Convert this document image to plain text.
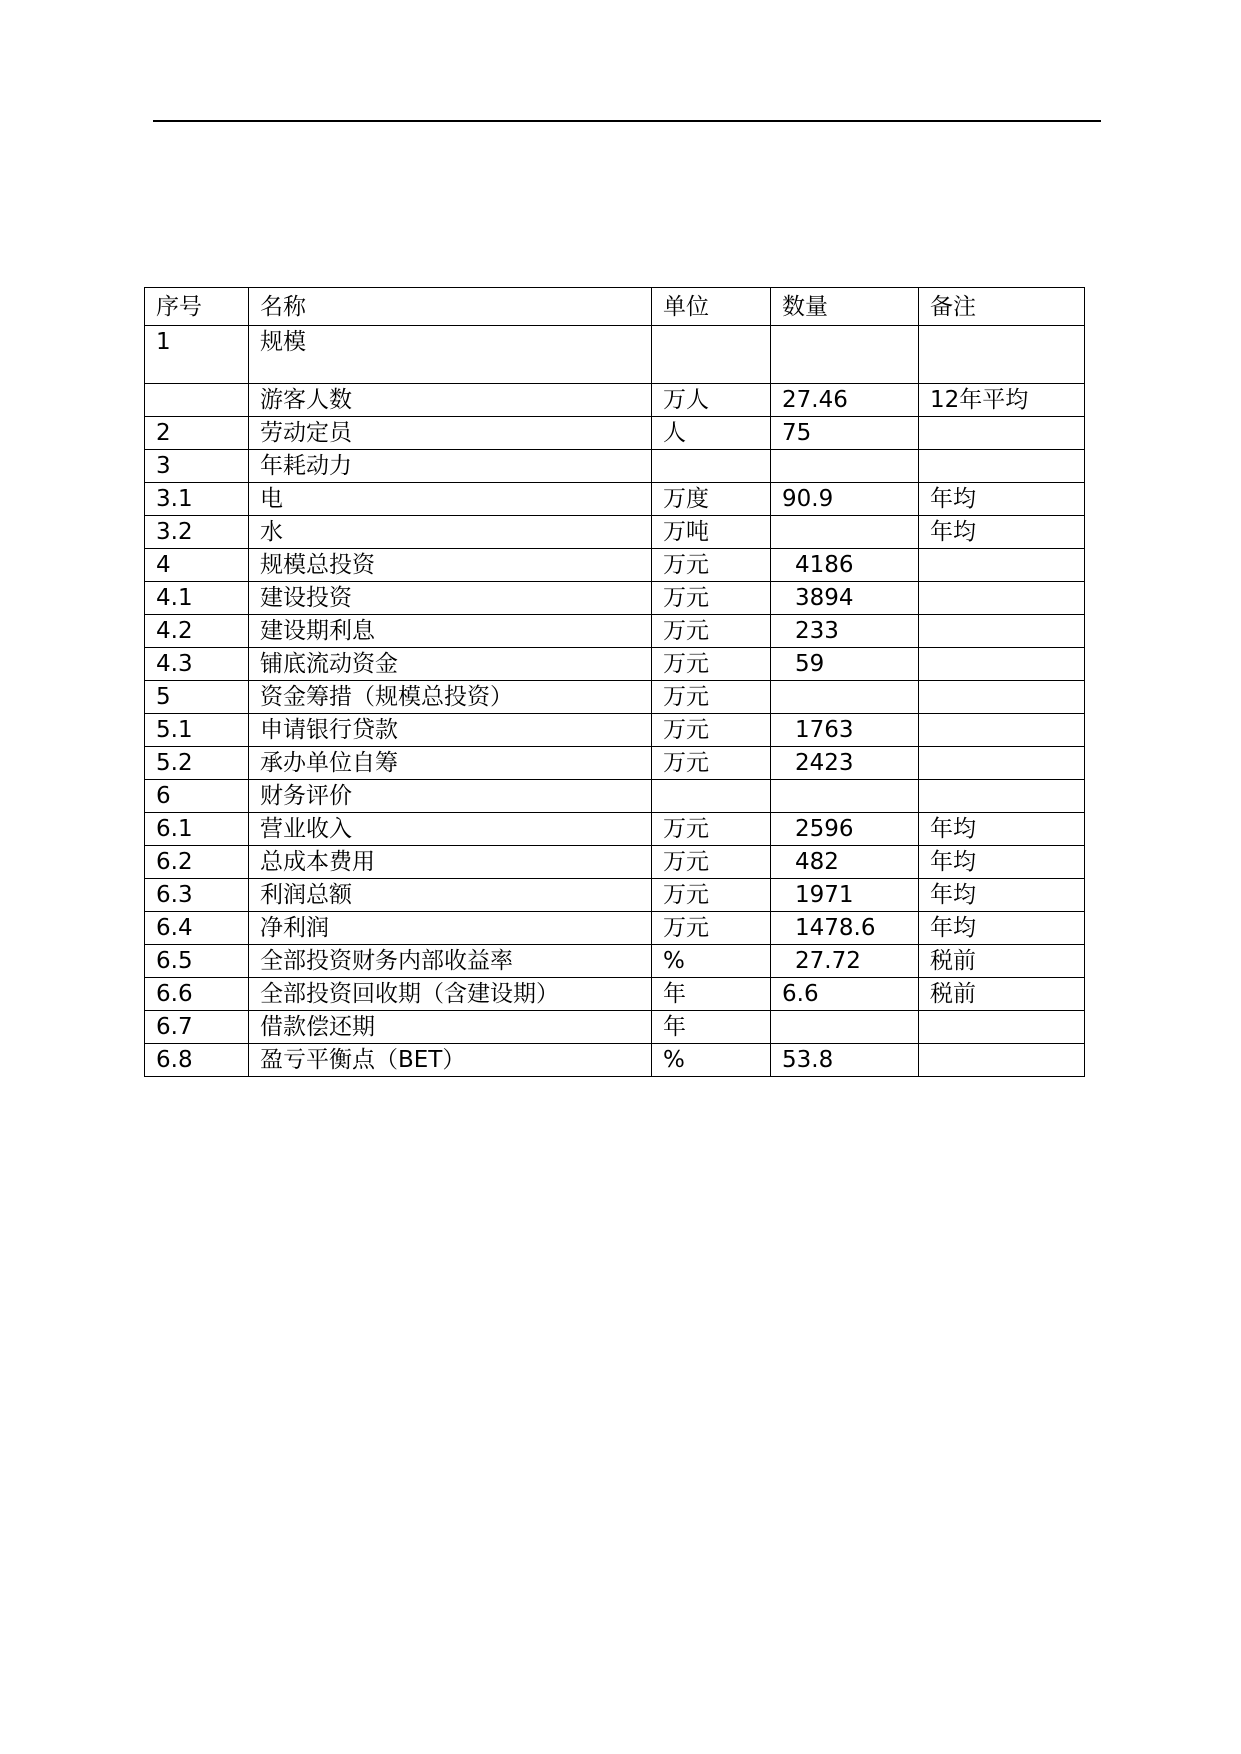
序号	名称	单位	数量	备注
1	规模			
	游客人数	万人	27.46	12年平均
2	劳动定员	人	75	
3	年耗动力			
3.1	电	万度	90.9	年均
3.2	水	万吨		年均
4	规模总投资	万元	4186	
4.1	建设投资	万元	3894	
4.2	建设期利息	万元	233	
4.3	铺底流动资金	万元	59	
5	资金筹措（规模总投资）	万元		
5.1	申请银行贷款	万元	1763	
5.2	承办单位自筹	万元	2423	
6	财务评价			
6.1	营业收入	万元	2596	年均
6.2	总成本费用	万元	482	年均
6.3	利润总额	万元	1971	年均
6.4	净利润	万元	1478.6	年均
6.5	全部投资财务内部收益率	%	27.72	税前
6.6	全部投资回收期（含建设期）	年	6.6	税前
6.7	借款偿还期	年		
6.8	盈亏平衡点（BET）	%	53.8	
